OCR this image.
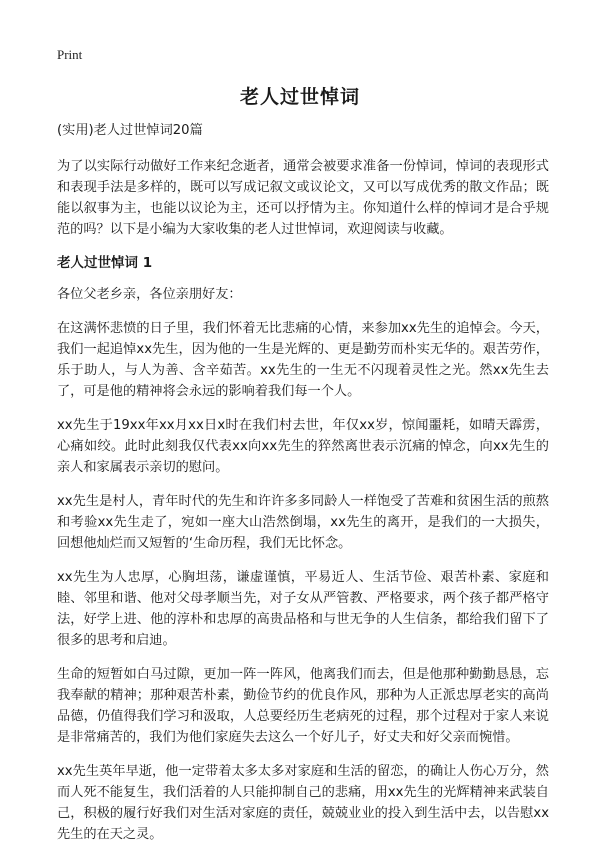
Print
老人过世悼词

(实用)老人过世悼词20篇

为了以实际行动做好工作来纪念逝者，通常会被要求准备一份悼词，悼词的表现形式和表现手法是多样的，既可以写成记叙文或议论文，又可以写成优秀的散文作品；既能以叙事为主，也能以议论为主，还可以抒情为主。你知道什么样的悼词才是合乎规范的吗？以下是小编为大家收集的老人过世悼词，欢迎阅读与收藏。

老人过世悼词 1

各位父老乡亲，各位亲朋好友：

在这满怀悲愤的日子里，我们怀着无比悲痛的心情，来参加xx先生的追悼会。今天，我们一起追悼xx先生，因为他的一生是光辉的、更是勤劳而朴实无华的。艰苦劳作，乐于助人，与人为善、含辛茹苦。xx先生的一生无不闪现着灵性之光。然xx先生去了，可是他的精神将会永远的影响着我们每一个人。

xx先生于19xx年xx月xx日x时在我们村去世，年仅xx岁，惊闻噩耗，如晴天霹雳，心痛如绞。此时此刻我仅代表xx向xx先生的猝然离世表示沉痛的悼念，向xx先生的亲人和家属表示亲切的慰问。

xx先生是村人，青年时代的先生和许许多多同龄人一样饱受了苦难和贫困生活的煎熬和考验xx先生走了，宛如一座大山浩然倒塌，xx先生的离开，是我们的一大损失，回想他灿烂而又短暂的‘生命历程，我们无比怀念。

xx先生为人忠厚，心胸坦荡，谦虚谨慎，平易近人、生活节俭、艰苦朴素、家庭和睦、邻里和谐、他对父母孝顺当先，对子女从严管教、严格要求，两个孩子都严格守法，好学上进、他的淳朴和忠厚的高贵品格和与世无争的人生信条，都给我们留下了很多的思考和启迪。

生命的短暂如白马过隙，更加一阵一阵风，他离我们而去，但是他那种勤勤恳恳，忘我奉献的精神；那种艰苦朴素，勤俭节约的优良作风，那种为人正派忠厚老实的高尚品德，仍值得我们学习和汲取，人总要经历生老病死的过程，那个过程对于家人来说是非常痛苦的，我们为他们家庭失去这么一个好儿子，好丈夫和好父亲而惋惜。

xx先生英年早逝，他一定带着太多太多对家庭和生活的留恋，的确让人伤心万分，然而人死不能复生，我们活着的人只能抑制自己的悲痛，用xx先生的光辉精神来武装自己，积极的履行好我们对生活对家庭的责任，兢兢业业的投入到生活中去，以告慰xx先生的在天之灵。
